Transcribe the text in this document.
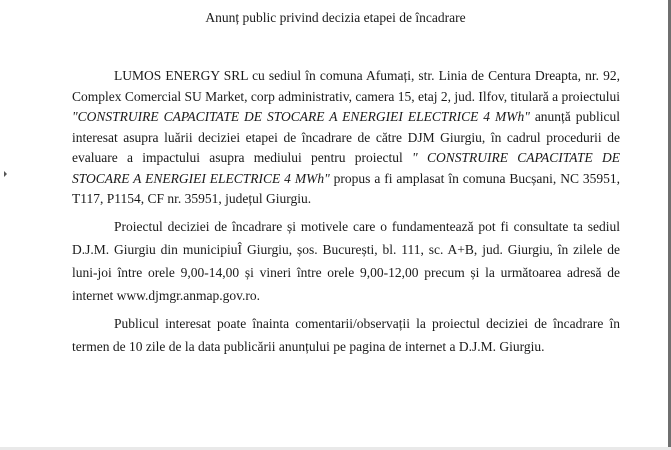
Anunț public privind decizia etapei de încadrare

LUMOS ENERGY SRL cu sediul în comuna Afumați, str. Linia de Centura Dreapta, nr. 92, Complex Comercial SU Market, corp administrativ, camera 15, etaj 2, jud. Ilfov, titulară a proiectului "CONSTRUIRE CAPACITATE DE STOCARE A ENERGIEI ELECTRICE 4 MWh" anunță publicul interesat asupra luării deciziei etapei de încadrare de către DJM Giurgiu, în cadrul procedurii de evaluare a impactului asupra mediului pentru proiectul " CONSTRUIRE CAPACITATE DE STOCARE A ENERGIEI ELECTRICE 4 MWh" propus a fi amplasat în comuna Bucșani, NC 35951, T117, P1154, CF nr. 35951, județul Giurgiu.

Proiectul deciziei de încadrare și motivele care o fundamentează pot fi consultate ta sediul D.J.M. Giurgiu din municipiuÎ Giurgiu, șos. București, bl. 111, sc. A+B, jud. Giurgiu, în zilele de luni-joi între orele 9,00-14,00 și vineri între orele 9,00-12,00 precum și la următoarea adresă de internet www.djmgr.anmap.gov.ro.

Publicul interesat poate înainta comentarii/observații la proiectul deciziei de încadrare în termen de 10 zile de la data publicării anunțului pe pagina de internet a D.J.M. Giurgiu.
